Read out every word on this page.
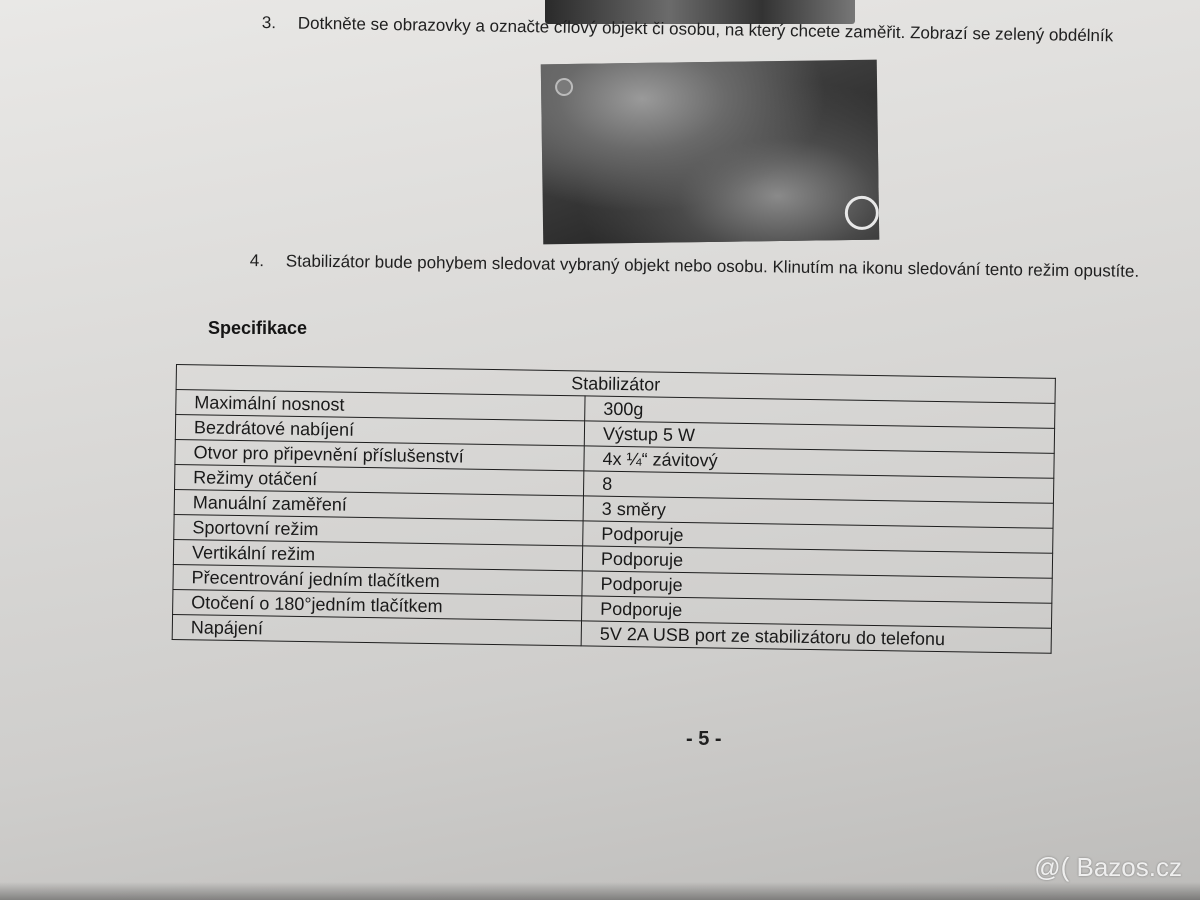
3. Dotkněte se obrazovky a označte cílový objekt či osobu, na který chcete zaměřit. Zobrazí se zelený obdélník
4. Stabilizátor bude pohybem sledovat vybraný objekt nebo osobu. Klinutím na ikonu sledování tento režim opustíte.
Specifikace
Stabilizátor	
Maximální nosnost	300g
Bezdrátové nabíjení	Výstup 5 W
Otvor pro připevnění příslušenství	4x ¼“ závitový
Režimy otáčení	8
Manuální zaměření	3 směry
Sportovní režim	Podporuje
Vertikální režim	Podporuje
Přecentrování jedním tlačítkem	Podporuje
Otočení o 180°jedním tlačítkem	Podporuje
Napájení	5V 2A USB port ze stabilizátoru do telefonu
- 5 -
@( Bazos.cz
